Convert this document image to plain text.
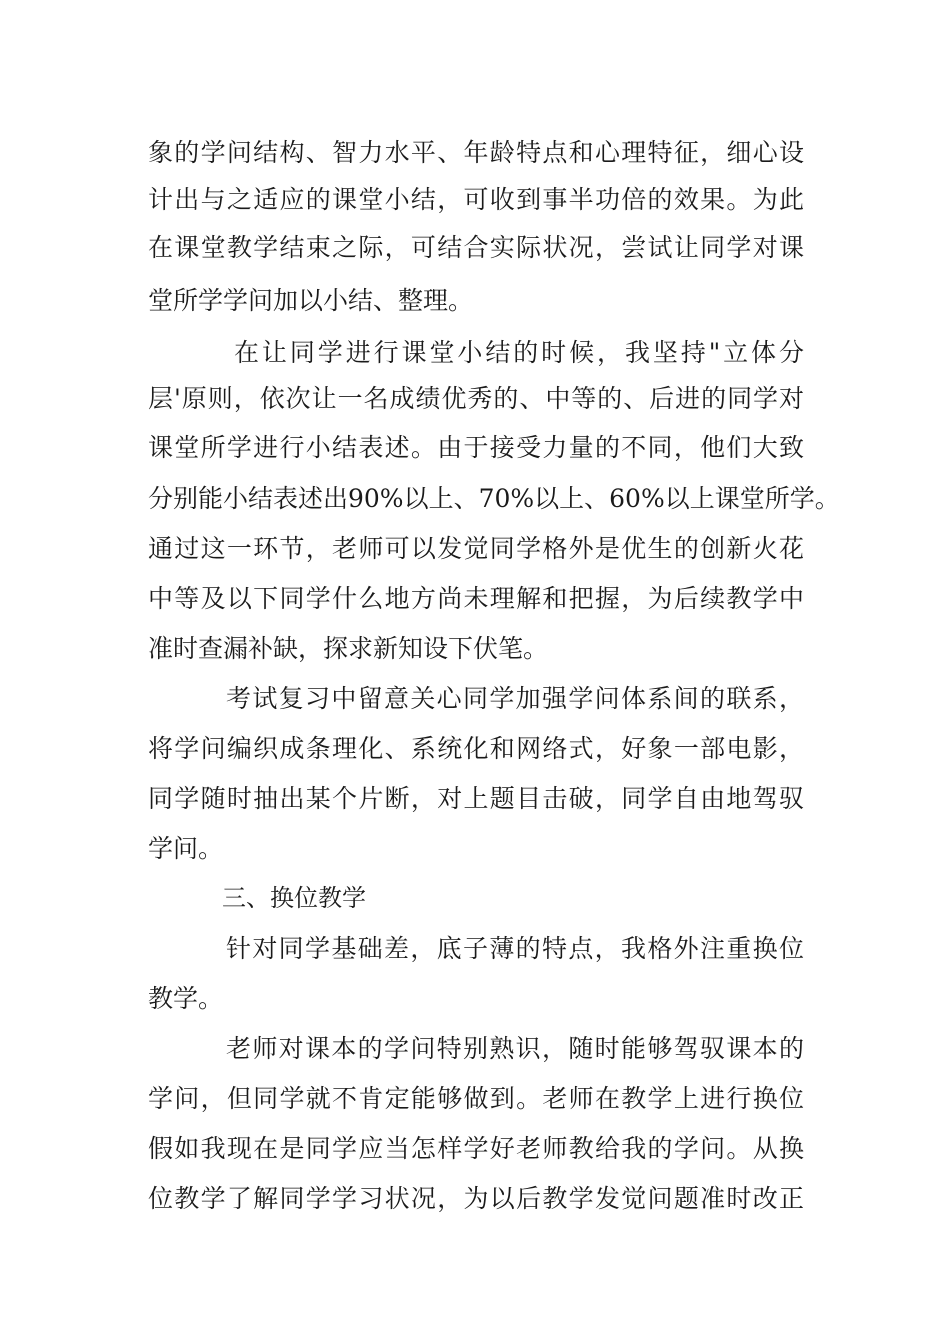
象的学问结构、智力水平、年龄特点和心理特征，细心设
计出与之适应的课堂小结，可收到事半功倍的效果。为此
在课堂教学结束之际，可结合实际状况，尝试让同学对课
堂所学学问加以小结、整理。
在让同学进行课堂小结的时候，我坚持"立体分
层'原则，依次让一名成绩优秀的、中等的、后进的同学对
课堂所学进行小结表述。由于接受力量的不同，他们大致
分别能小结表述出90%以上、70%以上、60%以上课堂所学。
通过这一环节，老师可以发觉同学格外是优生的创新火花
中等及以下同学什么地方尚未理解和把握，为后续教学中
准时查漏补缺，探求新知设下伏笔。
考试复习中留意关心同学加强学问体系间的联系，
将学问编织成条理化、系统化和网络式，好象一部电影，
同学随时抽出某个片断，对上题目击破，同学自由地驾驭
学问。
三、换位教学
针对同学基础差，底子薄的特点，我格外注重换位
教学。
老师对课本的学问特别熟识，随时能够驾驭课本的
学问，但同学就不肯定能够做到。老师在教学上进行换位
假如我现在是同学应当怎样学好老师教给我的学问。从换
位教学了解同学学习状况，为以后教学发觉问题准时改正
